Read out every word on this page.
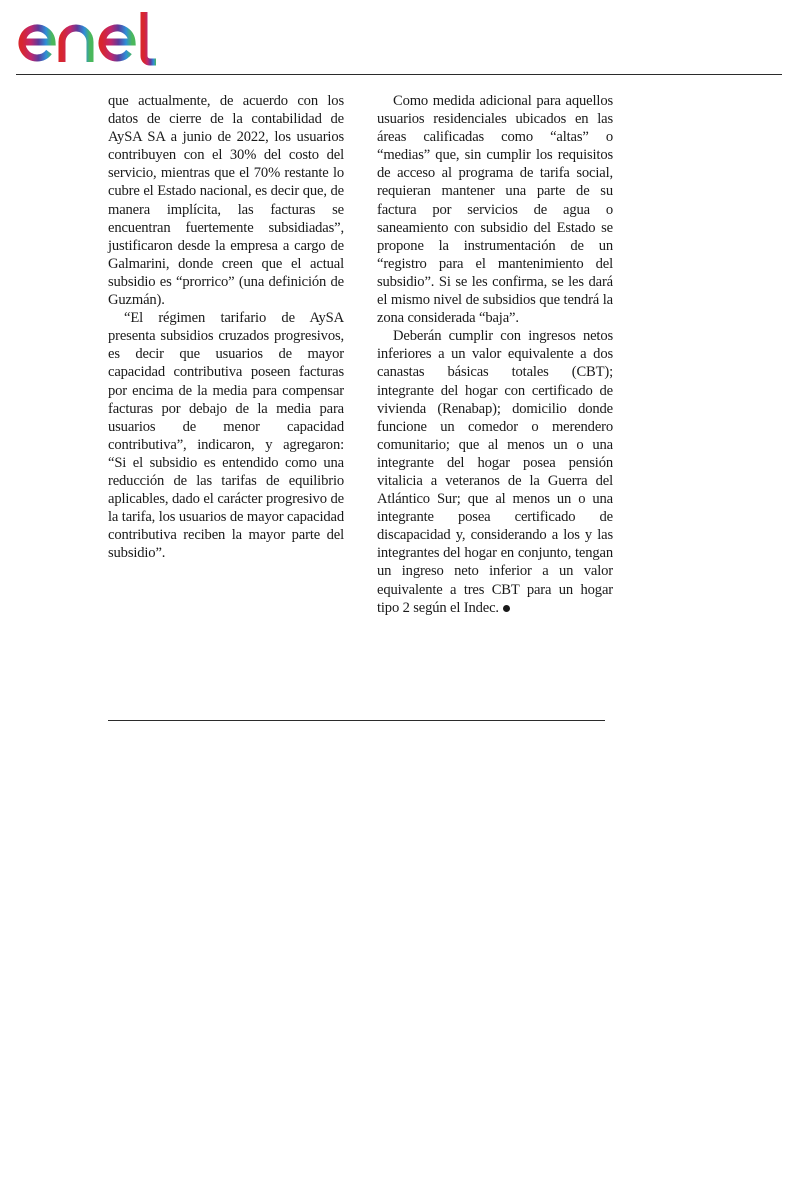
que actualmente, de acuerdo con los datos de cierre de la contabilidad de AySA SA a junio de 2022, los usuarios contribuyen con el 30% del costo del servicio, mientras que el 70% restante lo cubre el Estado nacional, es decir que, de manera implícita, las facturas se encuentran fuertemente subsidiadas”, justificaron desde la empresa a cargo de Galmarini, donde creen que el actual subsidio es “prorrico” (una definición de Guzmán).

“El régimen tarifario de AySA presenta subsidios cruzados progresivos, es decir que usuarios de mayor capacidad contributiva poseen facturas por encima de la media para compensar facturas por debajo de la media para usuarios de menor capacidad contributiva”, indicaron, y agregaron: “Si el subsidio es entendido como una reducción de las tarifas de equilibrio aplicables, dado el carácter progresivo de la tarifa, los usuarios de mayor capacidad contributiva reciben la mayor parte del subsidio”.

Como medida adicional para aquellos usuarios residenciales ubicados en las áreas calificadas como “altas” o “medias” que, sin cumplir los requisitos de acceso al programa de tarifa social, requieran mantener una parte de su factura por servicios de agua o saneamiento con subsidio del Estado se propone la instrumentación de un “registro para el mantenimiento del subsidio”. Si se les confirma, se les dará el mismo nivel de subsidios que tendrá la zona considerada “baja”.

Deberán cumplir con ingresos netos inferiores a un valor equivalente a dos canastas básicas totales (CBT); integrante del hogar con certificado de vivienda (Renabap); domicilio donde funcione un comedor o merendero comunitario; que al menos un o una integrante del hogar posea pensión vitalicia a veteranos de la Guerra del Atlántico Sur; que al menos un o una integrante posea certificado de discapacidad y, considerando a los y las integrantes del hogar en conjunto, tengan un ingreso neto inferior a un valor equivalente a tres CBT para un hogar tipo 2 según el Indec.
